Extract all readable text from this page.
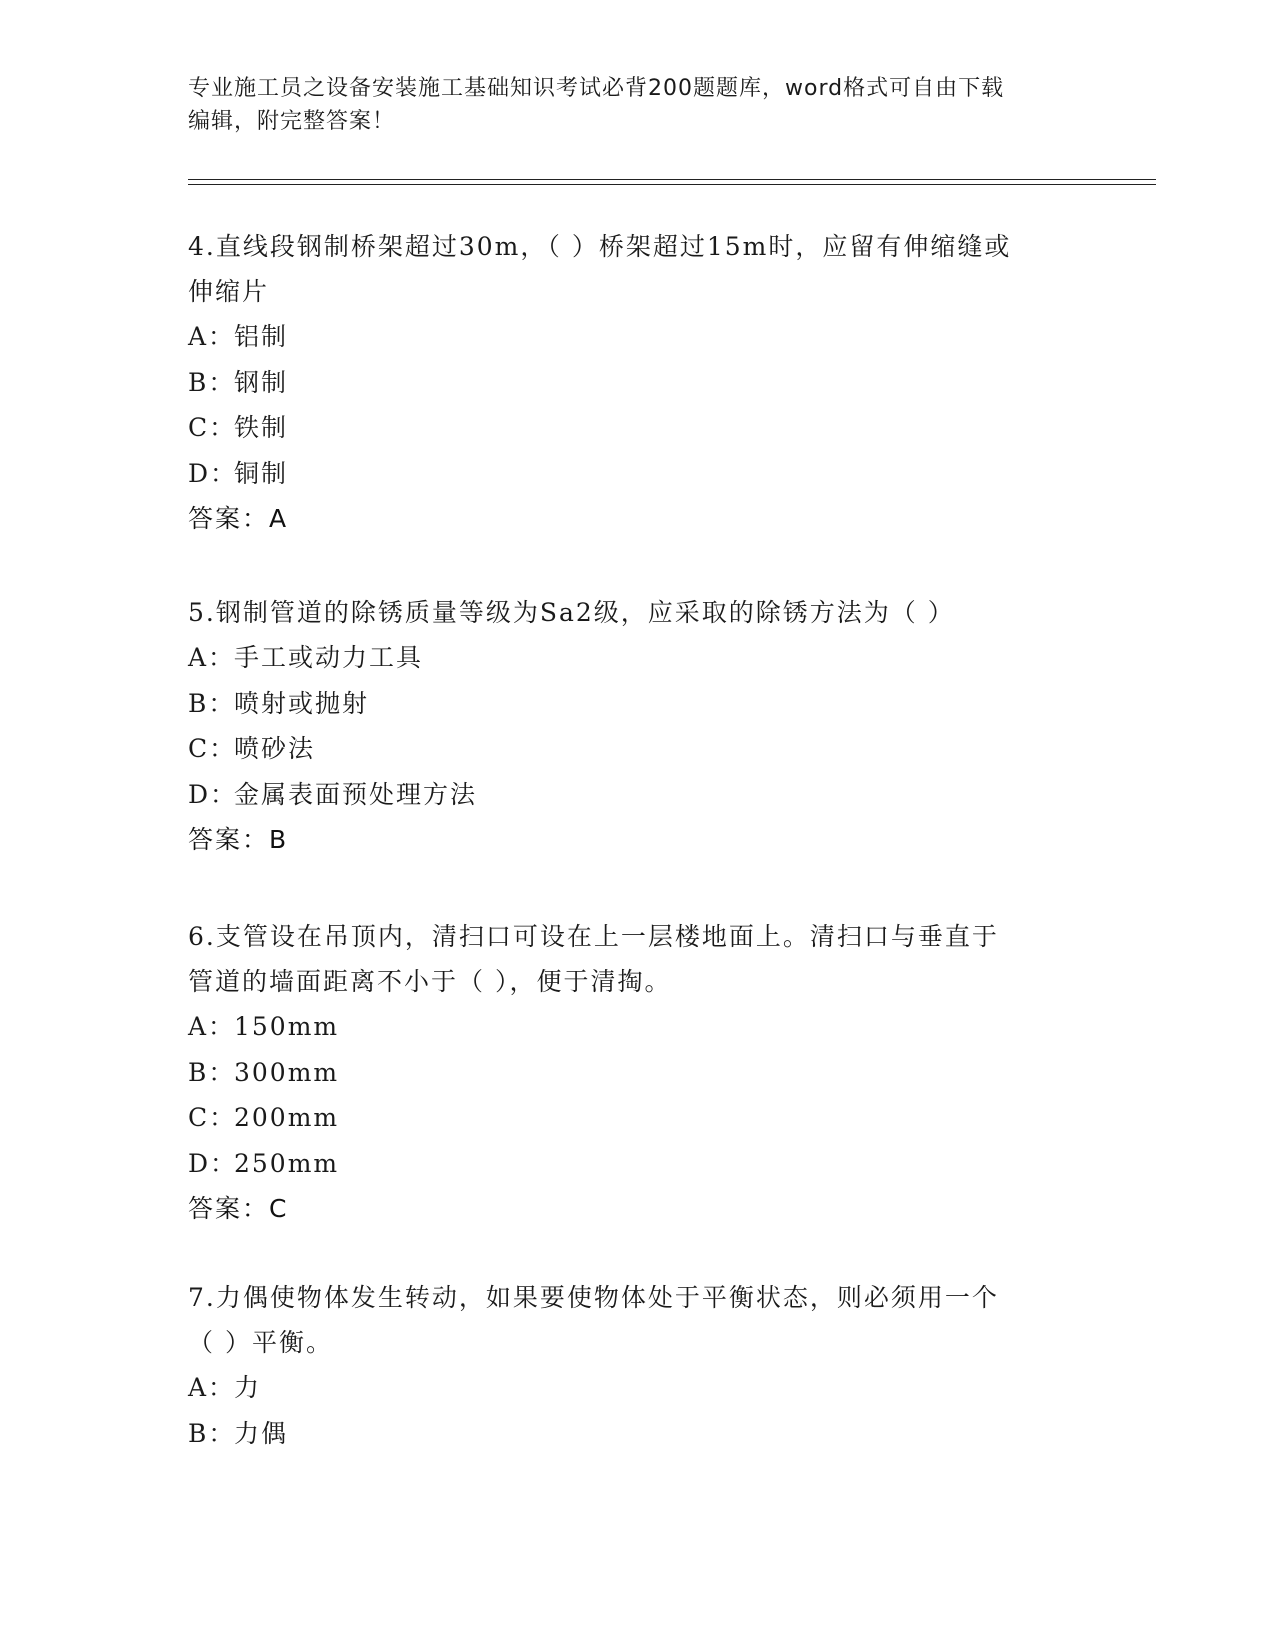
专业施工员之设备安装施工基础知识考试必背200题题库，word格式可自由下载
编辑，附完整答案！

4.直线段钢制桥架超过30m，（ ）桥架超过15m时，应留有伸缩缝或

伸缩片

A：
铝制

B：
钢制

C：
铁制

D：
铜制

答案：A

5.钢制管道的除锈质量等级为Sa2级，应采取的除锈方法为（ ）

A：
手工或动力工具

B：
喷射或抛射

C：
喷砂法

D：
金属表面预处理方法

答案：B

6.支管设在吊顶内，清扫口可设在上一层楼地面上。清扫口与垂直于

管道的墙面距离不小于（ ），便于清掏。

A：
150mm

B：
300mm

C：
200mm

D：
250mm

答案：C

7.力偶使物体发生转动，如果要使物体处于平衡状态，则必须用一个

（ ）平衡。

A：
力

B：
力偶
